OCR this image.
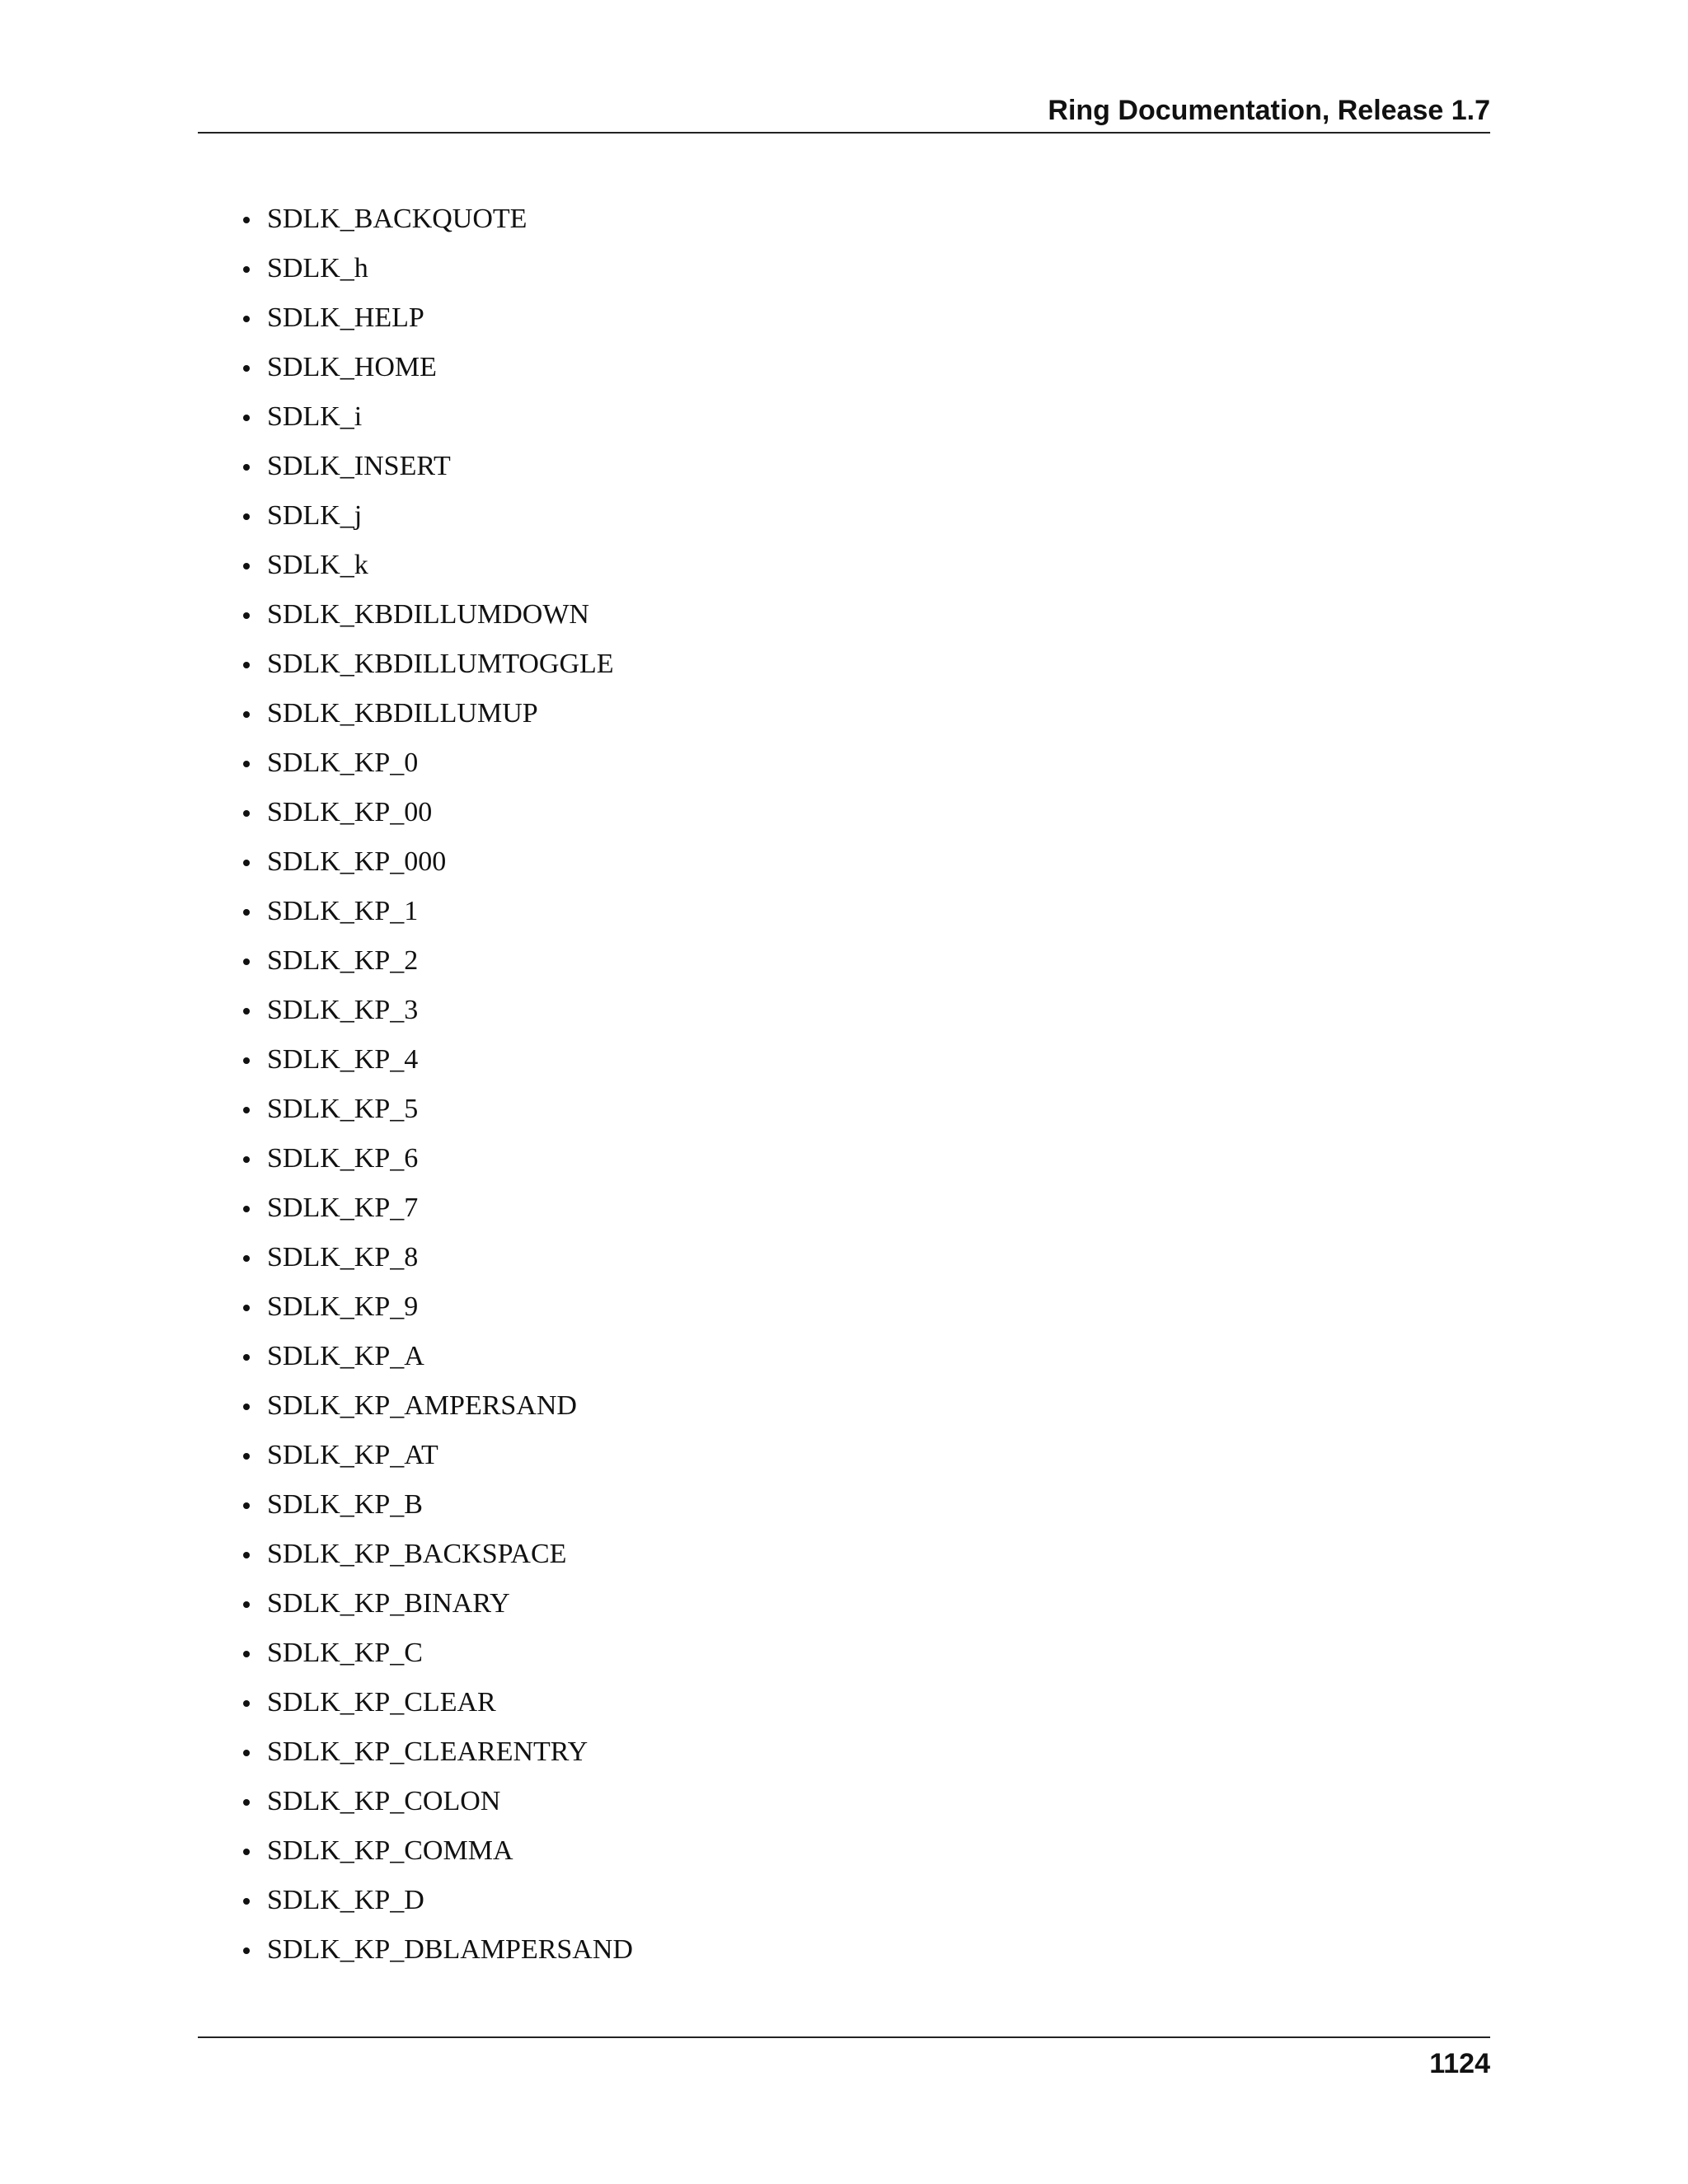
Ring Documentation, Release 1.7
SDLK_BACKQUOTE
SDLK_h
SDLK_HELP
SDLK_HOME
SDLK_i
SDLK_INSERT
SDLK_j
SDLK_k
SDLK_KBDILLUMDOWN
SDLK_KBDILLUMTOGGLE
SDLK_KBDILLUMUP
SDLK_KP_0
SDLK_KP_00
SDLK_KP_000
SDLK_KP_1
SDLK_KP_2
SDLK_KP_3
SDLK_KP_4
SDLK_KP_5
SDLK_KP_6
SDLK_KP_7
SDLK_KP_8
SDLK_KP_9
SDLK_KP_A
SDLK_KP_AMPERSAND
SDLK_KP_AT
SDLK_KP_B
SDLK_KP_BACKSPACE
SDLK_KP_BINARY
SDLK_KP_C
SDLK_KP_CLEAR
SDLK_KP_CLEARENTRY
SDLK_KP_COLON
SDLK_KP_COMMA
SDLK_KP_D
SDLK_KP_DBLAMPERSAND
1124
